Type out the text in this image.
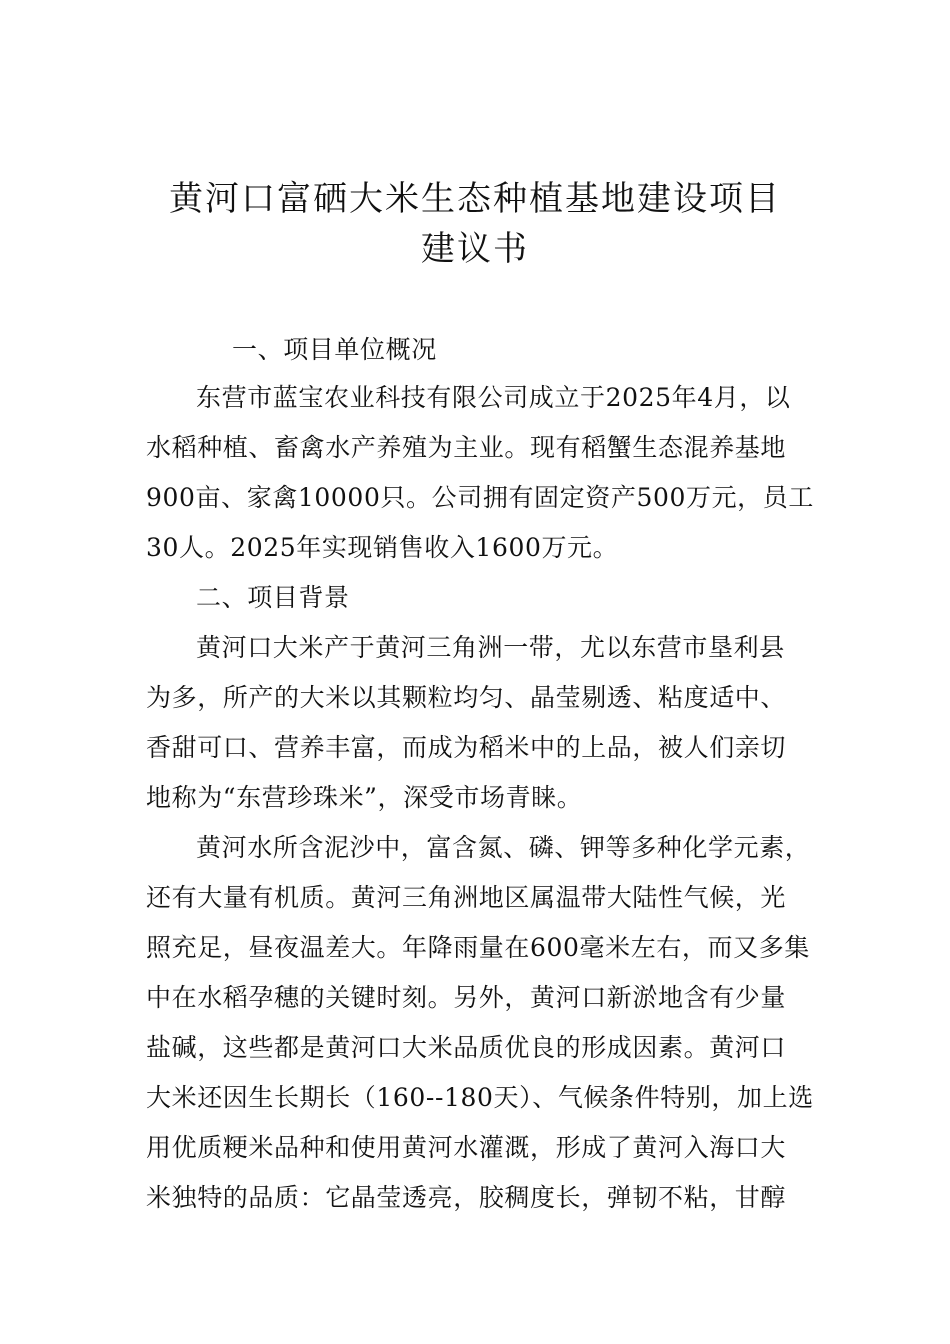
黄河口富硒大米生态种植基地建设项目
建议书
一、项目单位概况
东营市蓝宝农业科技有限公司成立于2025年4月，以
水稻种植、畜禽水产养殖为主业。现有稻蟹生态混养基地
900亩、家禽10000只。公司拥有固定资产500万元，员工
30人。2025年实现销售收入1600万元。
二、项目背景
黄河口大米产于黄河三角洲一带，尤以东营市垦利县
为多，所产的大米以其颗粒均匀、晶莹剔透、粘度适中、
香甜可口、营养丰富，而成为稻米中的上品，被人们亲切
地称为“东营珍珠米”，深受市场青睐。
黄河水所含泥沙中，富含氮、磷、钾等多种化学元素，
还有大量有机质。黄河三角洲地区属温带大陆性气候，光
照充足，昼夜温差大。年降雨量在600毫米左右，而又多集
中在水稻孕穗的关键时刻。另外，黄河口新淤地含有少量
盐碱，这些都是黄河口大米品质优良的形成因素。黄河口
大米还因生长期长（160--180天）、气候条件特别，加上选
用优质粳米品种和使用黄河水灌溉，形成了黄河入海口大
米独特的品质：它晶莹透亮，胶稠度长，弹韧不粘，甘醇
